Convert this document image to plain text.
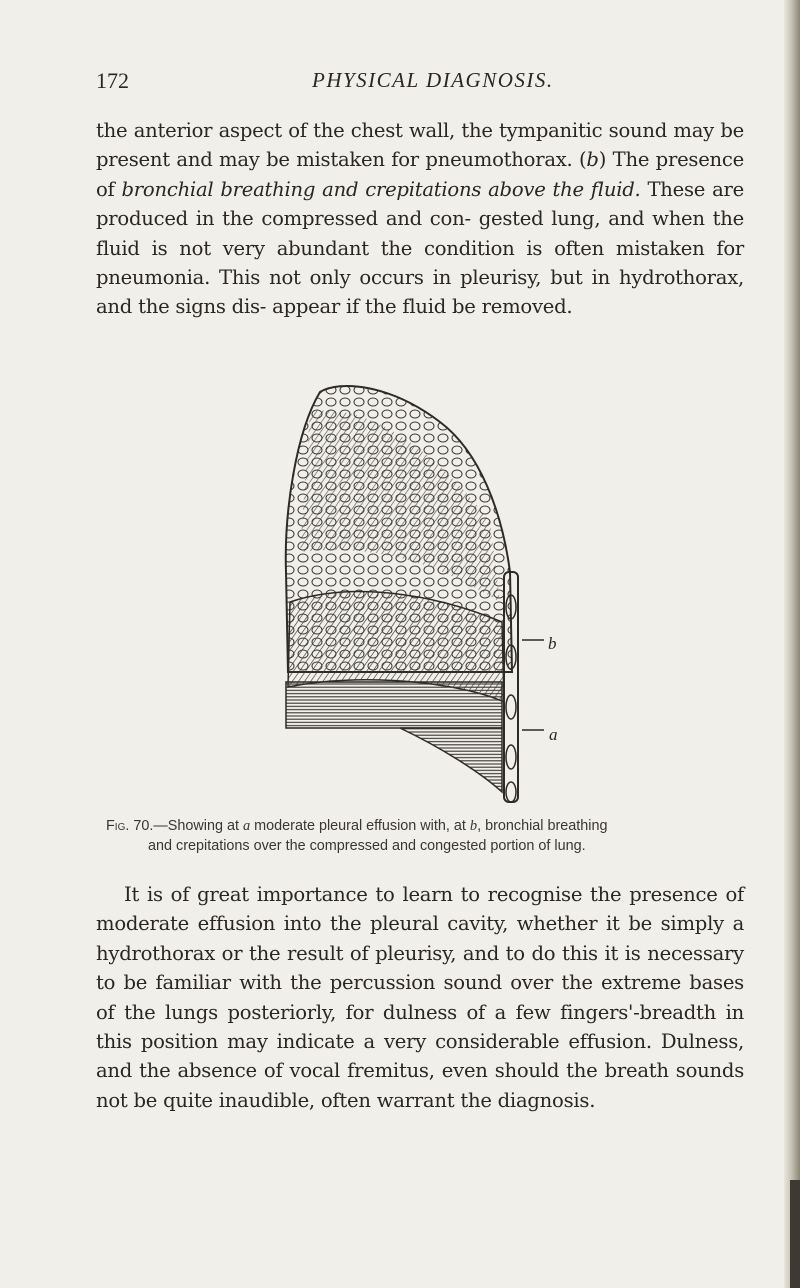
172	PHYSICAL DIAGNOSIS.

the anterior aspect of the chest wall, the tympanitic sound may be present and may be mistaken for pneumothorax. (b) The presence of bronchial breathing and crepitations above the fluid. These are produced in the compressed and con- gested lung, and when the fluid is not very abundant the condition is often mistaken for pneumonia. This not only occurs in pleurisy, but in hydrothorax, and the signs dis- appear if the fluid be removed.

b
a

Fig. 70.—Showing at a moderate pleural effusion with, at b, bronchial breathing
and crepitations over the compressed and congested portion of lung.

It is of great importance to learn to recognise the presence of moderate effusion into the pleural cavity, whether it be simply a hydrothorax or the result of pleurisy, and to do this it is necessary to be familiar with the percussion sound over the extreme bases of the lungs posteriorly, for dulness of a few fingers'-breadth in this position may indicate a very considerable effusion. Dulness, and the absence of vocal fremitus, even should the breath sounds not be quite inaudible, often warrant the diagnosis.
